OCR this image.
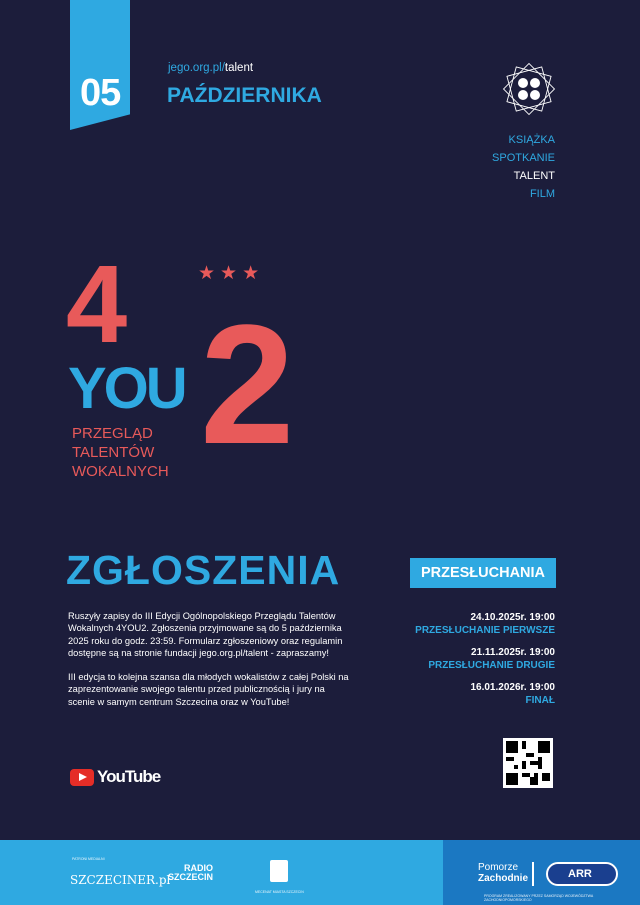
05
jego.org.pl/talent
PAŹDZIERNIKA
KSIĄŻKA
SPOTKANIE
TALENT
FILM
★★★
4 2
YOU
PRZEGLĄD
TALENTÓW
WOKALNYCH
ZGŁOSZENIA

Ruszyły zapisy do III Edycji Ogólnopolskiego Przeglądu Talentów Wokalnych 4YOU2. Zgłoszenia przyjmowane są do 5 października 2025 roku do godz. 23:59. Formularz zgłoszeniowy oraz regulamin dostępne są na stronie fundacji jego.org.pl/talent - zapraszamy!

III edycja to kolejna szansa dla młodych wokalistów z całej Polski na zaprezentowanie swojego talentu przed publicznością i jury na scenie w samym centrum Szczecina oraz w YouTube!

YouTube
PRZESŁUCHANIA
24.10.2025r. 19:00
PRZESŁUCHANIE PIERWSZE
21.11.2025r. 19:00
PRZESŁUCHANIE DRUGIE
16.01.2026r. 19:00
FINAŁ
PATRONI MEDIALNI
SZCZECINER.pl
RADIO
SZCZECIN
MECENAT MIASTA SZCZECIN
Pomorze
Zachodnie	ARR
PROGRAM ZREALIZOWANY PRZEZ SAMORZĄD WOJEWÓDZTWA ZACHODNIOPOMORSKIEGO
